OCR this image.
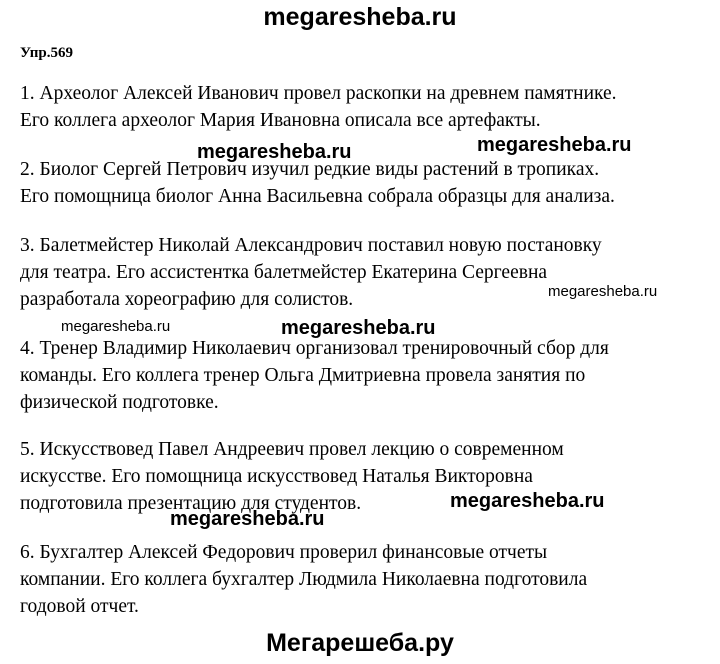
megaresheba.ru
Упр.569
1. Археолог Алексей Иванович провел раскопки на древнем памятнике.
Его коллега археолог Мария Ивановна описала все артефакты.
2. Биолог Сергей Петрович изучил редкие виды растений в тропиках.
Его помощница биолог Анна Васильевна собрала образцы для анализа.
3. Балетмейстер Николай Александрович поставил новую постановку
для театра. Его ассистентка балетмейстер Екатерина Сергеевна
разработала хореографию для солистов.
4. Тренер Владимир Николаевич организовал тренировочный сбор для
команды. Его коллега тренер Ольга Дмитриевна провела занятия по
физической подготовке.
5. Искусствовед Павел Андреевич провел лекцию о современном
искусстве. Его помощница искусствовед Наталья Викторовна
подготовила презентацию для студентов.
6. Бухгалтер Алексей Федорович проверил финансовые отчеты
компании. Его коллега бухгалтер Людмила Николаевна подготовила
годовой отчет.
megaresheba.ru
megaresheba.ru
megaresheba.ru
megaresheba.ru	megaresheba.ru
megaresheba.ru
megaresheba.ru
Мегарешеба.ру
